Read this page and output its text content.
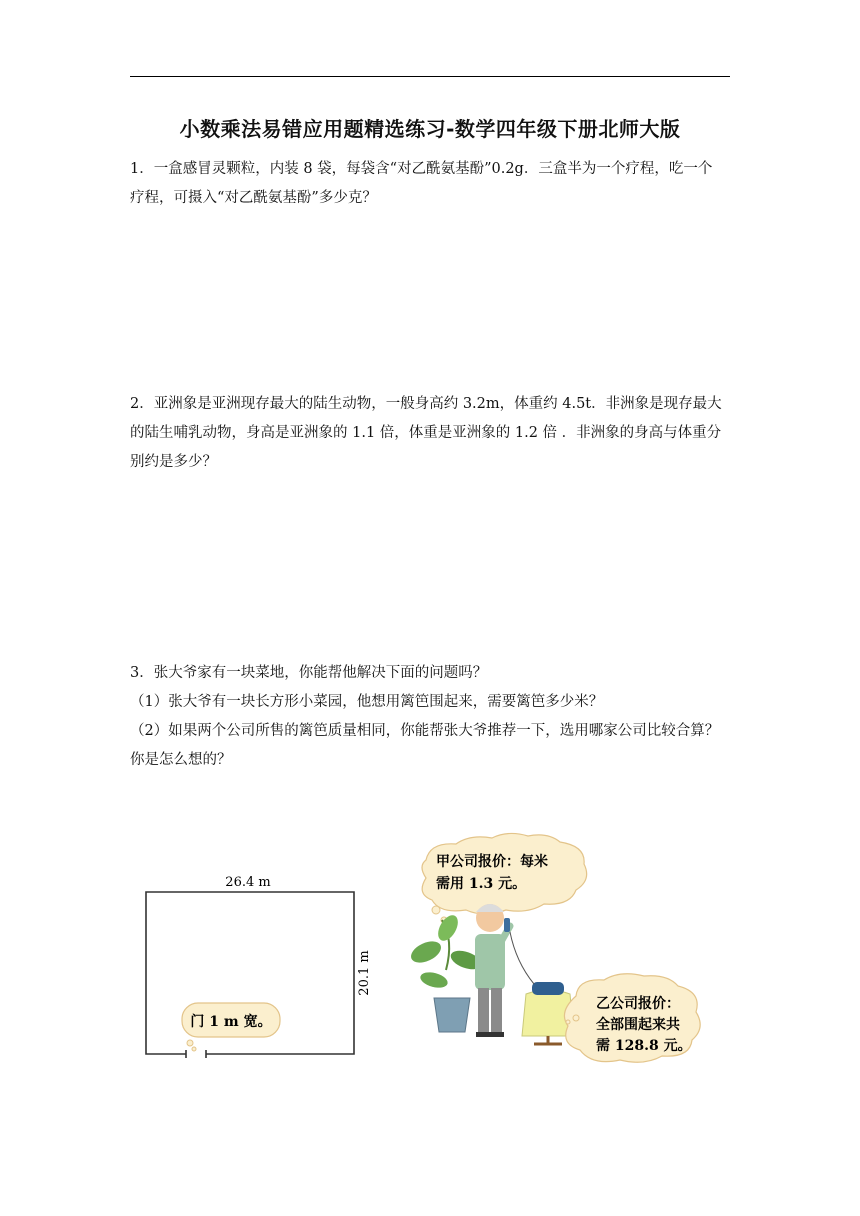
小数乘法易错应用题精选练习-数学四年级下册北师大版
1．一盒感冒灵颗粒，内装 8 袋，每袋含“对乙酰氨基酚”0.2g．三盒半为一个疗程，吃一个
疗程，可摄入“对乙酰氨基酚”多少克？
2．亚洲象是亚洲现存最大的陆生动物，一般身高约 3.2m，体重约 4.5t．非洲象是现存最大
的陆生哺乳动物，身高是亚洲象的 1.1 倍，体重是亚洲象的 1.2 倍 ．非洲象的身高与体重分
别约是多少？
3．张大爷家有一块菜地，你能帮他解决下面的问题吗？
（1）张大爷有一块长方形小菜园，他想用篱笆围起来，需要篱笆多少米？
（2）如果两个公司所售的篱笆质量相同，你能帮张大爷推荐一下，选用哪家公司比较合算？
你是怎么想的？
26.4 m
20.1 m
门 1 m 宽。
甲公司报价：每米
需用 1.3 元。
乙公司报价：
全部围起来共
需 128.8 元。
